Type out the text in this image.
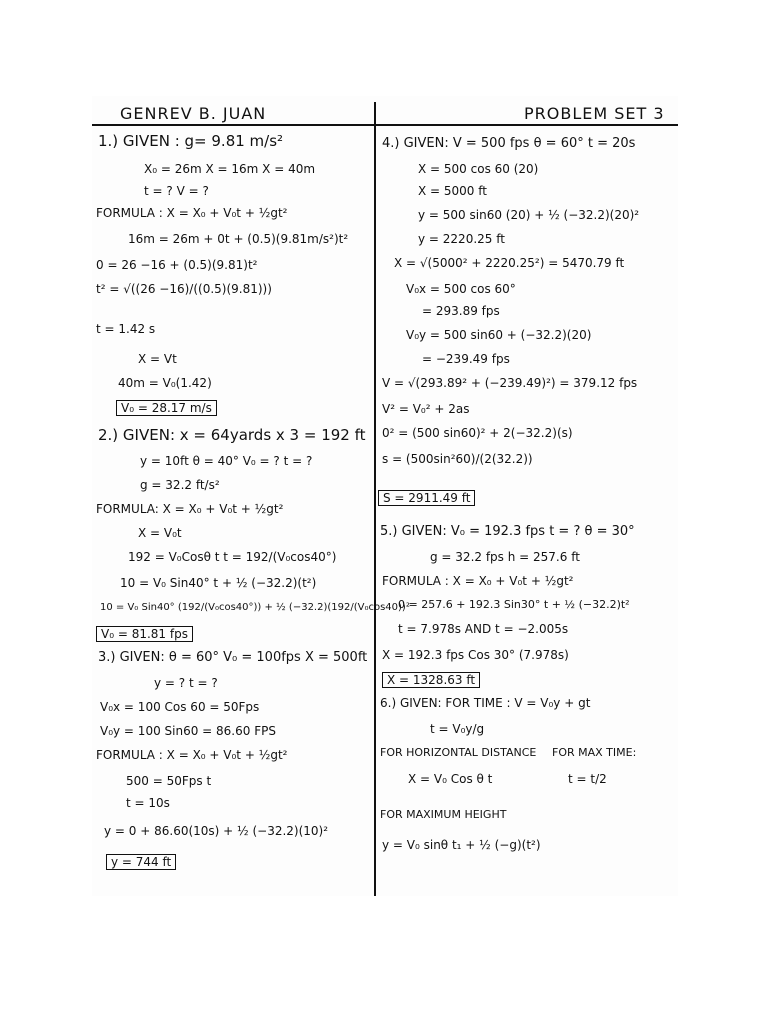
GENREV B. JUAN	PROBLEM SET 3
1.) GIVEN : g= 9.81 m/s²
X₀ = 26m X = 16m X = 40m
t = ? V = ?
FORMULA : X = X₀ + V₀t + ½gt²
16m = 26m + 0t + (0.5)(9.81m/s²)t²
0 = 26 −16 + (0.5)(9.81)t²
t² = √((26 −16)/((0.5)(9.81)))
t = 1.42 s
X = Vt
40m = V₀(1.42)
V₀ = 28.17 m/s
2.) GIVEN: x = 64yards x 3 = 192 ft
y = 10ft θ = 40° V₀ = ? t = ?
g = 32.2 ft/s²
FORMULA: X = X₀ + V₀t + ½gt²
X = V₀t
192 = V₀Cosθ t t = 192/(V₀cos40°)
10 = V₀ Sin40° t + ½ (−32.2)(t²)
10 = V₀ Sin40° (192/(V₀cos40°)) + ½ (−32.2)(192/(V₀cos40))²
V₀ = 81.81 fps
3.) GIVEN: θ = 60° V₀ = 100fps X = 500ft
y = ? t = ?
V₀x = 100 Cos 60 = 50Fps
V₀y = 100 Sin60 = 86.60 FPS
FORMULA : X = X₀ + V₀t + ½gt²
500 = 50Fps t
t = 10s
y = 0 + 86.60(10s) + ½ (−32.2)(10)²
y = 744 ft
4.) GIVEN: V = 500 fps θ = 60° t = 20s
X = 500 cos 60 (20)
X = 5000 ft
y = 500 sin60 (20) + ½ (−32.2)(20)²
y = 2220.25 ft
X = √(5000² + 2220.25²) = 5470.79 ft
V₀x = 500 cos 60°
= 293.89 fps
V₀y = 500 sin60 + (−32.2)(20)
= −239.49 fps
V = √(293.89² + (−239.49)²) = 379.12 fps
V² = V₀² + 2as
0² = (500 sin60)² + 2(−32.2)(s)
s = (500sin²60)/(2(32.2))
S = 2911.49 ft
5.) GIVEN: V₀ = 192.3 fps t = ? θ = 30°
g = 32.2 fps h = 257.6 ft
FORMULA : X = X₀ + V₀t + ½gt²
0 = 257.6 + 192.3 Sin30° t + ½ (−32.2)t²
t = 7.978s AND t = −2.005s
X = 192.3 fps Cos 30° (7.978s)
X = 1328.63 ft
6.) GIVEN: FOR TIME : V = V₀y + gt
t = V₀y/g
FOR HORIZONTAL DISTANCE FOR MAX TIME:
X = V₀ Cos θ t	t = t/2
FOR MAXIMUM HEIGHT
y = V₀ sinθ t₁ + ½ (−g)(t²)
